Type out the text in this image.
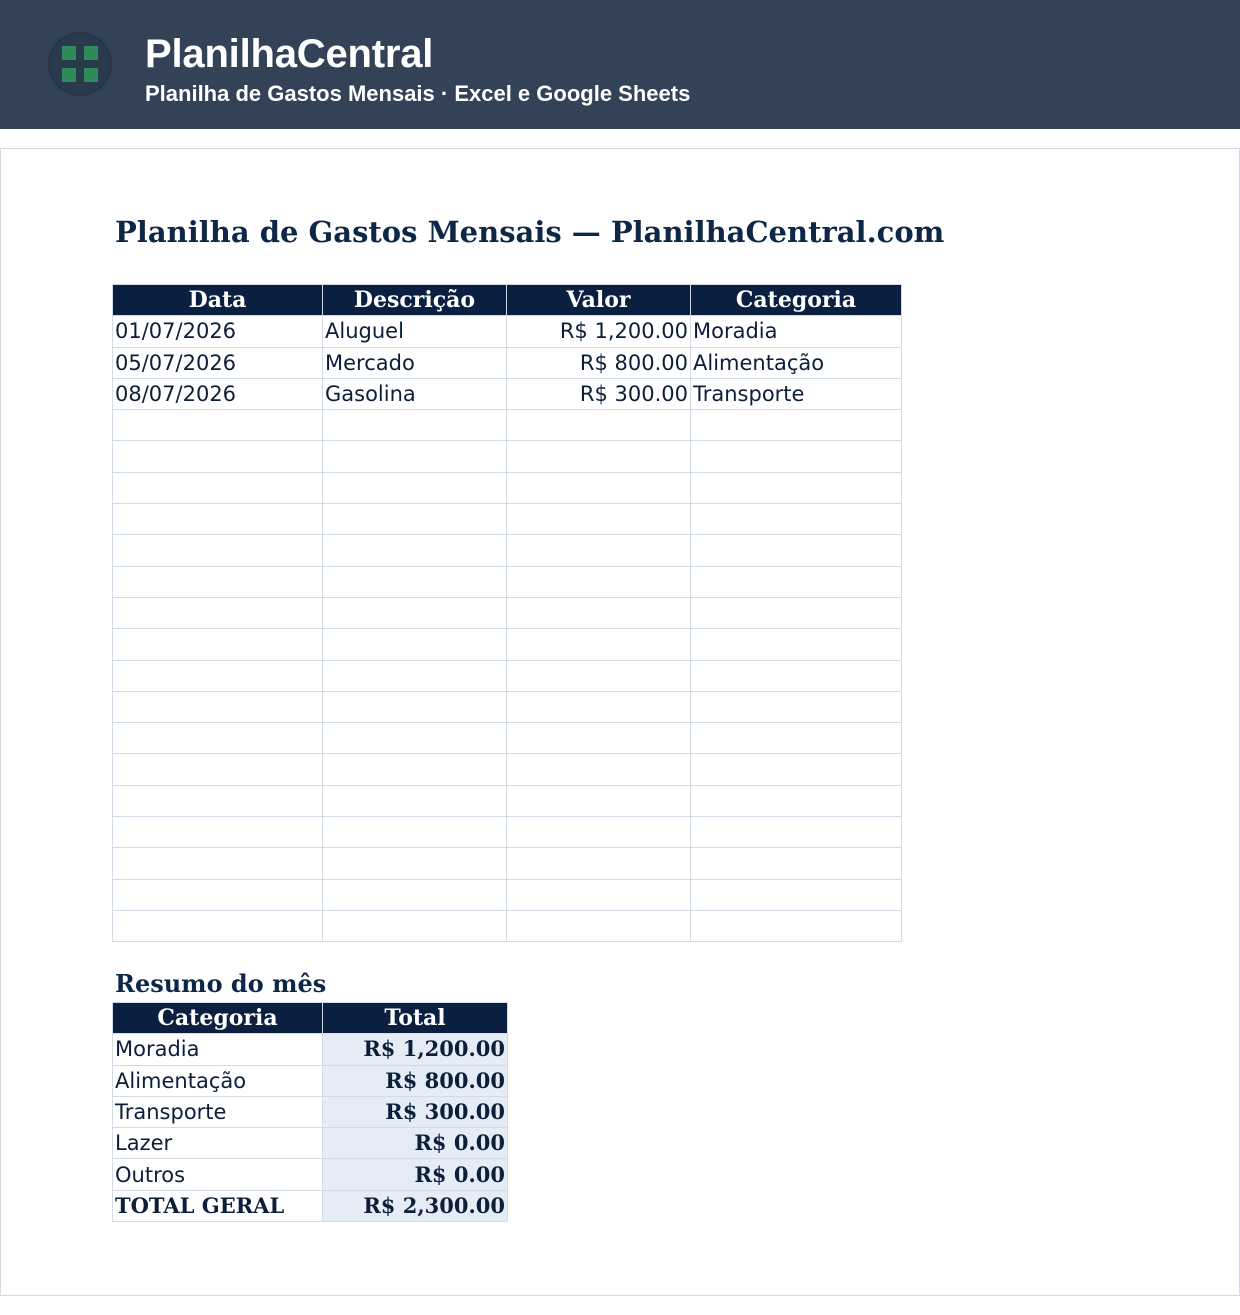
PlanilhaCentral
Planilha de Gastos Mensais · Excel e Google Sheets
Planilha de Gastos Mensais — PlanilhaCentral.com
Data	Descrição	Valor	Categoria
01/07/2026	Aluguel	R$ 1,200.00	Moradia
05/07/2026	Mercado	R$ 800.00	Alimentação
08/07/2026	Gasolina	R$ 300.00	Transporte

Resumo do mês
Categoria	Total
Moradia	R$ 1,200.00
Alimentação	R$ 800.00
Transporte	R$ 300.00
Lazer	R$ 0.00
Outros	R$ 0.00
TOTAL GERAL	R$ 2,300.00
